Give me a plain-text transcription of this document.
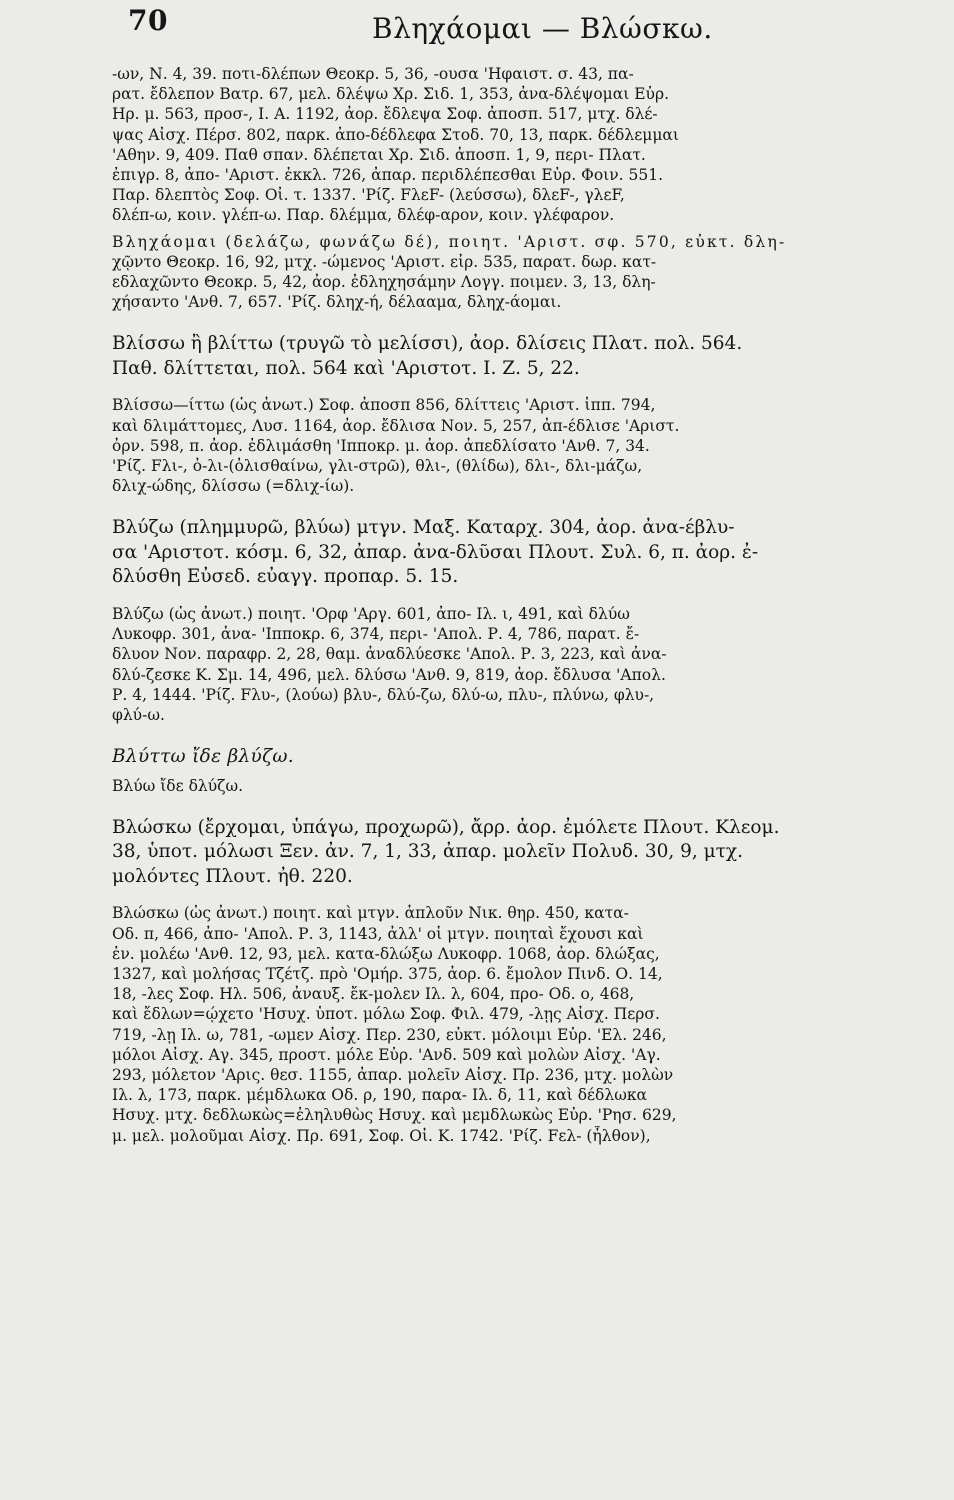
70	Βληχάομαι — Βλώσκω.
-ων, Ν. 4, 39. ποτι-δλέπων Θεοκρ. 5, 36, -ουσα 'Ηφαιστ. σ. 43, πα-
ρατ. ἔδλεπον Βατρ. 67, μελ. δλέψω Χρ. Σιδ. 1, 353, ἀνα-δλέψομαι Εὐρ.
Ηρ. μ. 563, προσ-, Ι. Α. 1192, ἀορ. ἔδλεψα Σοφ. ἀποσπ. 517, μτχ. δλέ-
ψας Αἰσχ. Πέρσ. 802, παρκ. ἀπο-δέδλεφα Στοδ. 70, 13, παρκ. δέδλεμμαι
'Αθην. 9, 409. Παθ σπαν. δλέπεται Χρ. Σιδ. ἀποσπ. 1, 9, περι- Πλατ.
ἐπιγρ. 8, ἀπο- 'Αριστ. ἐκκλ. 726, ἀπαρ. περιδλέπεσθαι Εὐρ. Φοιν. 551.
Παρ. δλεπτὸς Σοφ. Οἰ. τ. 1337. 'Ρίζ. FλεF- (λεύσσω), δλεF-, γλεF,
δλέπ-ω, κοιν. γλέπ-ω. Παρ. δλέμμα, δλέφ-αρον, κοιν. γλέφαρον.
Βληχάομαι (δελάζω, φωνάζω δέ), ποιητ. 'Αριστ. σφ. 570, εὐκτ. δλη-
χῷντο Θεοκρ. 16, 92, μτχ. -ώμενος 'Αριστ. εἰρ. 535, παρατ. δωρ. κατ-
εδλαχῶντο Θεοκρ. 5, 42, ἀορ. ἐδληχησάμην Λογγ. ποιμεν. 3, 13, δλη-
χήσαντο 'Ανθ. 7, 657. 'Ρίζ. δληχ-ή, δέλααμα, δληχ-άομαι.
Βλίσσω ἢ βλίττω (τρυγῶ τὸ μελίσσι), ἀορ. δλίσεις Πλατ. πολ. 564.
Παθ. δλίττεται, πολ. 564 καὶ 'Αριστοτ. Ι. Ζ. 5, 22.
Βλίσσω—ίττω (ὡς ἀνωτ.) Σοφ. ἀποσπ 856, δλίττεις 'Αριστ. ἱππ. 794,
καὶ δλιμάττομες, Λυσ. 1164, ἀορ. ἔδλισα Νον. 5, 257, ἀπ-έδλισε 'Αριστ.
ὀρν. 598, π. ἀορ. ἐδλιμάσθη 'Ιπποκρ. μ. ἀορ. ἀπεδλίσατο 'Ανθ. 7, 34.
'Ρίζ. Fλι-, ὀ-λι-(ὀλισθαίνω, γλι-στρῶ), θλι-, (θλίδω), δλι-, δλι-μάζω,
δλιχ-ώδης, δλίσσω (=δλιχ-ίω).
Βλύζω (πλημμυρῶ, βλύω) μτγν. Μαξ. Καταρχ. 304, ἀορ. ἀνα-έβλυ-
σα 'Αριστοτ. κόσμ. 6, 32, ἀπαρ. ἀνα-δλῦσαι Πλουτ. Συλ. 6, π. ἀορ. ἐ-
δλύσθη Εὐσεδ. εὐαγγ. προπαρ. 5. 15.
Βλύζω (ὡς ἀνωτ.) ποιητ. 'Ορφ 'Αργ. 601, ἀπο- Ιλ. ι, 491, καὶ δλύω
Λυκοφρ. 301, ἀνα- 'Ιπποκρ. 6, 374, περι- 'Απολ. Ρ. 4, 786, παρατ. ἔ-
δλυον Νον. παραφρ. 2, 28, θαμ. ἀναδλύεσκε 'Απολ. Ρ. 3, 223, καὶ ἀνα-
δλύ-ζεσκε Κ. Σμ. 14, 496, μελ. δλύσω 'Ανθ. 9, 819, ἀορ. ἔδλυσα 'Απολ.
Ρ. 4, 1444. 'Ρίζ. Fλυ-, (λούω) βλυ-, δλύ-ζω, δλύ-ω, πλυ-, πλύνω, φλυ-,
φλύ-ω.
Βλύττω ἴδε βλύζω.
Βλύω ἴδε δλύζω.
Βλώσκω (ἔρχομαι, ὑπάγω, προχωρῶ), ἄρρ. ἀορ. ἐμόλετε Πλουτ. Κλεομ.
38, ὑποτ. μόλωσι Ξεν. ἀν. 7, 1, 33, ἀπαρ. μολεῖν Πολυδ. 30, 9, μτχ.
μολόντες Πλουτ. ἠθ. 220.
Βλώσκω (ὡς ἀνωτ.) ποιητ. καὶ μτγν. ἁπλοῦν Νικ. θηρ. 450, κατα-
Οδ. π, 466, ἀπο- 'Απολ. Ρ. 3, 1143, ἀλλ' οἱ μτγν. ποιηταὶ ἔχουσι καὶ
ἐν. μολέω 'Ανθ. 12, 93, μελ. κατα-δλώξω Λυκοφρ. 1068, ἀορ. δλώξας,
1327, καὶ μολήσας Τζέτζ. πρὸ 'Ομήρ. 375, ἀορ. 6. ἔμολον Πινδ. Ο. 14,
18, -λες Σοφ. Ηλ. 506, ἀναυξ. ἔκ-μολεν Ιλ. λ, 604, προ- Οδ. ο, 468,
καὶ ἔδλων=ῴχετο 'Ησυχ. ὑποτ. μόλω Σοφ. Φιλ. 479, -λῃς Αἰσχ. Περσ.
719, -λῃ Ιλ. ω, 781, -ωμεν Αἰσχ. Περ. 230, εὐκτ. μόλοιμι Εὐρ. 'Ελ. 246,
μόλοι Αἰσχ. Αγ. 345, προστ. μόλε Εὐρ. 'Ανδ. 509 καὶ μολὼν Αἰσχ. 'Αγ.
293, μόλετον 'Αρις. θεσ. 1155, ἀπαρ. μολεῖν Αἰσχ. Πρ. 236, μτχ. μολὼν
Ιλ. λ, 173, παρκ. μέμδλωκα Οδ. ρ, 190, παρα- Ιλ. δ, 11, καὶ δέδλωκα
Ησυχ. μτχ. δεδλωκὼς=ἐληλυθὼς Ησυχ. καὶ μεμδλωκὼς Εὐρ. 'Ρησ. 629,
μ. μελ. μολοῦμαι Αἰσχ. Πρ. 691, Σοφ. Οἰ. Κ. 1742. 'Ρίζ. Fελ- (ἦλθον),
